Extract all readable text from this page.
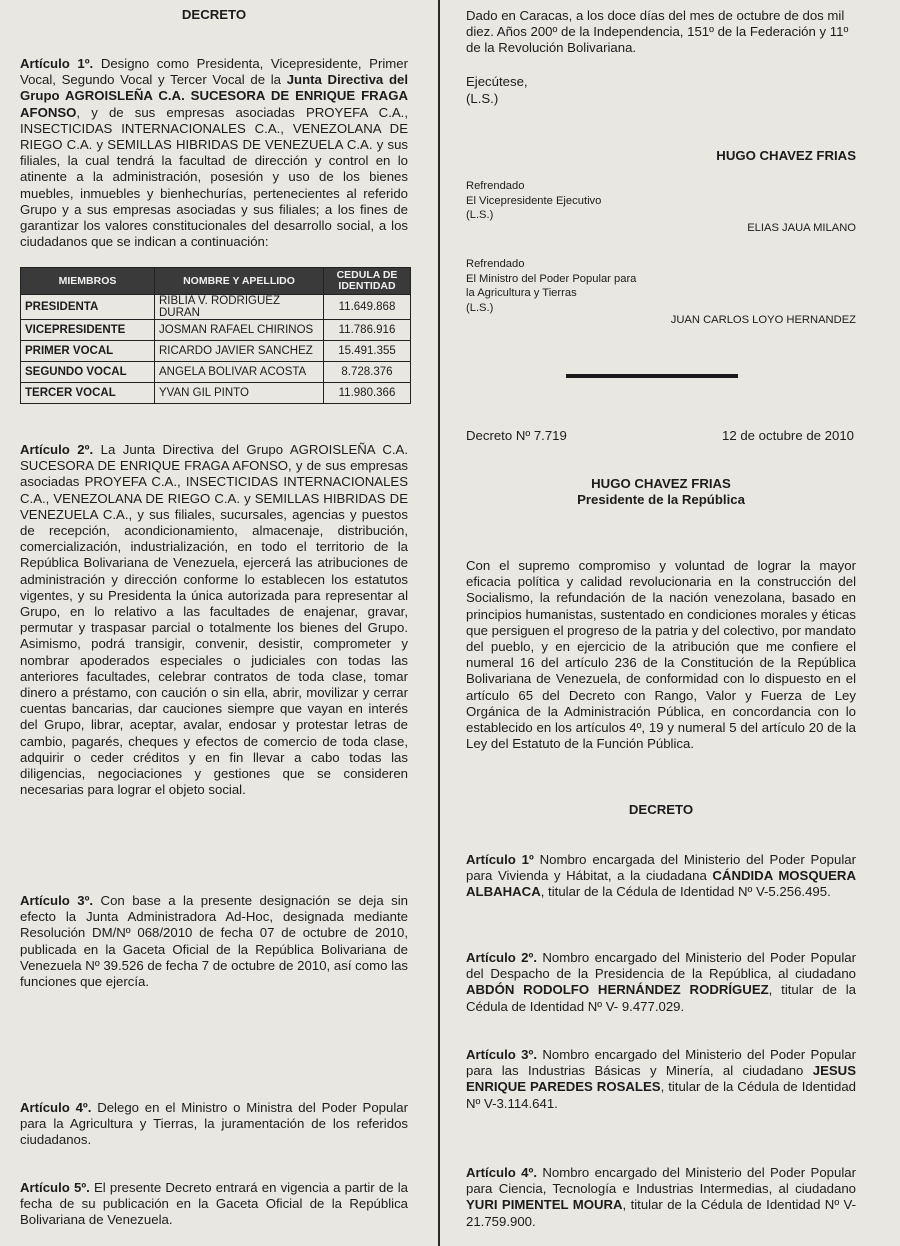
DECRETO
Artículo 1º. Designo como Presidenta, Vicepresidente, Primer Vocal, Segundo Vocal y Tercer Vocal de la Junta Directiva del Grupo AGROISLEÑA C.A. SUCESORA DE ENRIQUE FRAGA AFONSO, y de sus empresas asociadas PROYEFA C.A., INSECTICIDAS INTERNACIONALES C.A., VENEZOLANA DE RIEGO C.A. y SEMILLAS HIBRIDAS DE VENEZUELA C.A. y sus filiales, la cual tendrá la facultad de dirección y control en lo atinente a la administración, posesión y uso de los bienes muebles, inmuebles y bienhechurías, pertenecientes al referido Grupo y a sus empresas asociadas y sus filiales; a los fines de garantizar los valores constitucionales del desarrollo social, a los ciudadanos que se indican a continuación:
MIEMBROS	NOMBRE Y APELLIDO	CEDULA DE IDENTIDAD
PRESIDENTA	RIBLIA V. RODRIGUEZ DURAN	11.649.868
VICEPRESIDENTE	JOSMAN RAFAEL CHIRINOS	11.786.916
PRIMER VOCAL	RICARDO JAVIER SANCHEZ	15.491.355
SEGUNDO VOCAL	ANGELA BOLIVAR ACOSTA	8.728.376
TERCER VOCAL	YVAN GIL PINTO	11.980.366
Artículo 2º. La Junta Directiva del Grupo AGROISLEÑA C.A. SUCESORA DE ENRIQUE FRAGA AFONSO, y de sus empresas asociadas PROYEFA C.A., INSECTICIDAS INTERNACIONALES C.A., VENEZOLANA DE RIEGO C.A. y SEMILLAS HIBRIDAS DE VENEZUELA C.A., y sus filiales, sucursales, agencias y puestos de recepción, acondicionamiento, almacenaje, distribución, comercialización, industrialización, en todo el territorio de la República Bolivariana de Venezuela, ejercerá las atribuciones de administración y dirección conforme lo establecen los estatutos vigentes, y su Presidenta la única autorizada para representar al Grupo, en lo relativo a las facultades de enajenar, gravar, permutar y traspasar parcial o totalmente los bienes del Grupo. Asimismo, podrá transigir, convenir, desistir, comprometer y nombrar apoderados especiales o judiciales con todas las anteriores facultades, celebrar contratos de toda clase, tomar dinero a préstamo, con caución o sin ella, abrir, movilizar y cerrar cuentas bancarias, dar cauciones siempre que vayan en interés del Grupo, librar, aceptar, avalar, endosar y protestar letras de cambio, pagarés, cheques y efectos de comercio de toda clase, adquirir o ceder créditos y en fin llevar a cabo todas las diligencias, negociaciones y gestiones que se consideren necesarias para lograr el objeto social.
Artículo 3º. Con base a la presente designación se deja sin efecto la Junta Administradora Ad-Hoc, designada mediante Resolución DM/Nº 068/2010 de fecha 07 de octubre de 2010, publicada en la Gaceta Oficial de la República Bolivariana de Venezuela Nº 39.526 de fecha 7 de octubre de 2010, así como las funciones que ejercía.
Artículo 4º. Delego en el Ministro o Ministra del Poder Popular para la Agricultura y Tierras, la juramentación de los referidos ciudadanos.
Artículo 5º. El presente Decreto entrará en vigencia a partir de la fecha de su publicación en la Gaceta Oficial de la República Bolivariana de Venezuela.
Dado en Caracas, a los doce días del mes de octubre de dos mil diez. Años 200º de la Independencia, 151º de la Federación y 11º de la Revolución Bolivariana.
Ejecútese,
(L.S.)
HUGO CHAVEZ FRIAS
Refrendado
El Vicepresidente Ejecutivo
(L.S.)
ELIAS JAUA MILANO
Refrendado
El Ministro del Poder Popular para
la Agricultura y Tierras
(L.S.)
JUAN CARLOS LOYO HERNANDEZ
Decreto Nº 7.719	12 de octubre de 2010
HUGO CHAVEZ FRIAS
Presidente de la República
Con el supremo compromiso y voluntad de lograr la mayor eficacia política y calidad revolucionaria en la construcción del Socialismo, la refundación de la nación venezolana, basado en principios humanistas, sustentado en condiciones morales y éticas que persiguen el progreso de la patria y del colectivo, por mandato del pueblo, y en ejercicio de la atribución que me confiere el numeral 16 del artículo 236 de la Constitución de la República Bolivariana de Venezuela, de conformidad con lo dispuesto en el artículo 65 del Decreto con Rango, Valor y Fuerza de Ley Orgánica de la Administración Pública, en concordancia con lo establecido en los artículos 4º, 19 y numeral 5 del artículo 20 de la Ley del Estatuto de la Función Pública.
DECRETO
Artículo 1º Nombro encargada del Ministerio del Poder Popular para Vivienda y Hábitat, a la ciudadana CÁNDIDA MOSQUERA ALBAHACA, titular de la Cédula de Identidad Nº V-5.256.495.
Artículo 2º. Nombro encargado del Ministerio del Poder Popular del Despacho de la Presidencia de la República, al ciudadano ABDÓN RODOLFO HERNÁNDEZ RODRÍGUEZ, titular de la Cédula de Identidad Nº V- 9.477.029.
Artículo 3º. Nombro encargado del Ministerio del Poder Popular para las Industrias Básicas y Minería, al ciudadano JESUS ENRIQUE PAREDES ROSALES, titular de la Cédula de Identidad Nº V-3.114.641.
Artículo 4º. Nombro encargado del Ministerio del Poder Popular para Ciencia, Tecnología e Industrias Intermedias, al ciudadano YURI PIMENTEL MOURA, titular de la Cédula de Identidad Nº V- 21.759.900.
